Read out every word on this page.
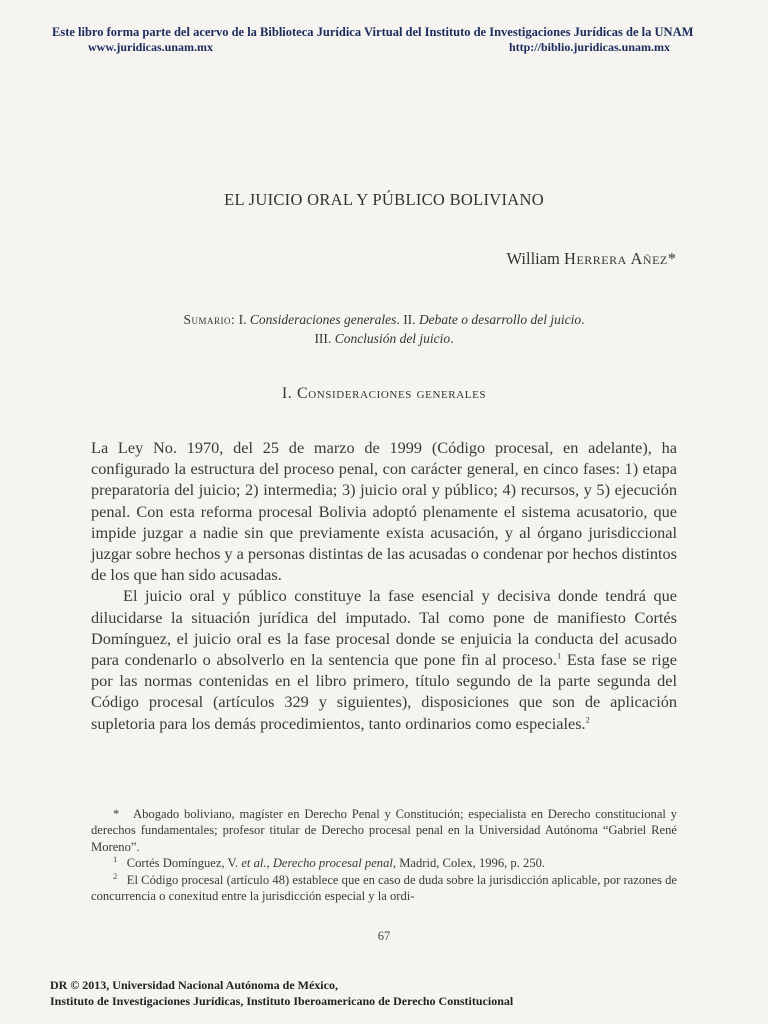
Este libro forma parte del acervo de la Biblioteca Jurídica Virtual del Instituto de Investigaciones Jurídicas de la UNAM
www.juridicas.unam.mx	http://biblio.juridicas.unam.mx
EL JUICIO ORAL Y PÚBLICO BOLIVIANO
William Herrera Añez*
Sumario: I. Consideraciones generales. II. Debate o desarrollo del juicio.
III. Conclusión del juicio.
I. Consideraciones generales

La Ley No. 1970, del 25 de marzo de 1999 (Código procesal, en adelante), ha configurado la estructura del proceso penal, con carácter general, en cinco fases: 1) etapa preparatoria del juicio; 2) intermedia; 3) juicio oral y público; 4) recursos, y 5) ejecución penal. Con esta reforma procesal Bolivia adoptó plenamente el sistema acusatorio, que impide juzgar a nadie sin que previamente exista acusación, y al órgano jurisdiccional juzgar sobre hechos y a personas distintas de las acusadas o condenar por hechos distintos de los que han sido acusadas.

El juicio oral y público constituye la fase esencial y decisiva donde tendrá que dilucidarse la situación jurídica del imputado. Tal como pone de manifiesto Cortés Domínguez, el juicio oral es la fase procesal donde se enjuicia la conducta del acusado para condenarlo o absolverlo en la sentencia que pone fin al proceso.$^1$ Esta fase se rige por las normas contenidas en el libro primero, título segundo de la parte segunda del Código procesal (artículos 329 y siguientes), disposiciones que son de aplicación supletoria para los demás procedimientos, tanto ordinarios como especiales.$^2$

* Abogado boliviano, magíster en Derecho Penal y Constitución; especialista en Derecho constitucional y derechos fundamentales; profesor titular de Derecho procesal penal en la Universidad Autónoma “Gabriel René Moreno”.

$^1$ Cortés Domínguez, V. et al., Derecho procesal penal, Madrid, Colex, 1996, p. 250.

$^2$ El Código procesal (artículo 48) establece que en caso de duda sobre la jurisdicción aplicable, por razones de concurrencia o conexitud entre la jurisdicción especial y la ordi-

67
DR © 2013, Universidad Nacional Autónoma de México,
Instituto de Investigaciones Jurídicas, Instituto Iberoamericano de Derecho Constitucional
